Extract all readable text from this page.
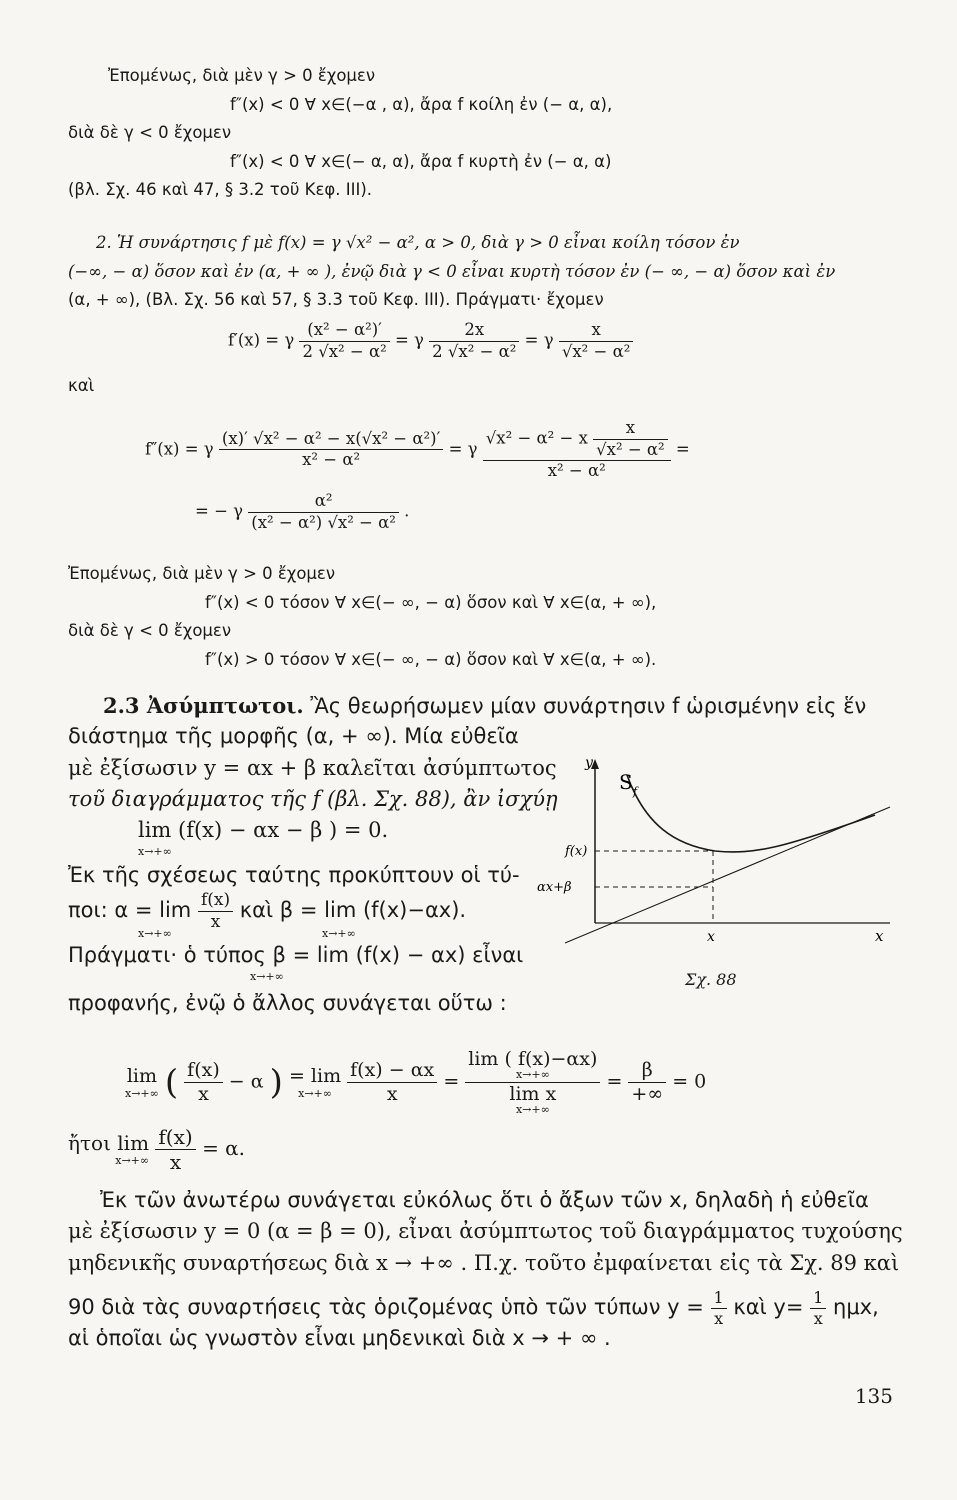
Ἐπομένως, διὰ μὲν γ > 0 ἔχομεν
f″(x) < 0 ∀ x∈(−α , α), ἄρα f κοίλη ἐν (− α, α),
διὰ δὲ γ < 0 ἔχομεν
f″(x) < 0 ∀ x∈(− α, α), ἄρα f κυρτὴ ἐν (− α, α)
(βλ. Σχ. 46 καὶ 47, § 3.2 τοῦ Κεφ. ΙΙΙ).
2. Ἡ συνάρτησις f μὲ f(x) = γ √x² − α², α > 0, διὰ γ > 0 εἶναι κοίλη τόσον ἐν
(−∞, − α) ὅσον καὶ ἐν (α, + ∞ ), ἐνῷ διὰ γ < 0 εἶναι κυρτὴ τόσον ἐν (− ∞, − α) ὅσον καὶ ἐν
(α, + ∞), (Βλ. Σχ. 56 καὶ 57, § 3.3 τοῦ Κεφ. ΙΙΙ). Πράγματι· ἔχομεν
f′(x) = γ $\frac{\text{(x² − α²)′}}{\text{2 √x² − α²}} = \gamma \frac{2x}{\text{2 √x² − α²}} = \gamma \frac{x}{\text{√x² − α²}}$
καὶ
f″(x) = γ $\frac{\text{(x)′ √x² − α² − x(√x² − α²)′}}{\text{x² − α²}} = \gamma \frac{√x^2 - \alpha^2 - x \frac{x}{\text{√x² − α²}}}{\text{x² − α²}}$ =
= − γ $\frac{\text{α²}}{\text{(x² − α²) √x² − α²}}$ .
Ἐπομένως, διὰ μὲν γ > 0 ἔχομεν
f″(x) < 0 τόσον ∀ x∈(− ∞, − α) ὅσον καὶ ∀ x∈(α, + ∞),
διὰ δὲ γ < 0 ἔχομεν
f″(x) > 0 τόσον ∀ x∈(− ∞, − α) ὅσον καὶ ∀ x∈(α, + ∞).
2.3 Ἀσύμπτωτοι. Ἂς θεωρήσωμεν μίαν συνάρτησιν f ὡρισμένην εἰς ἕν
διάστημα τῆς μορφῆς (α, + ∞). Μία εὐθεῖα
μὲ ἐξίσωσιν y = αx + β καλεῖται ἀσύμπτωτος
τοῦ διαγράμματος τῆς f (βλ. Σχ. 88), ἂν ἰσχύῃ
lim (f(x) − αx − β ) = 0.
x→+∞
Ἐκ τῆς σχέσεως ταύτης προκύπτουν οἱ τύ-
ποι: $\alpha = \lim \frac{f(x)}{x}$ καὶ β = lim (f(x)−αx).
x→+∞	x→+∞
Πράγματι· ὁ τύπος β = lim (f(x) − αx) εἶναι
x→+∞
προφανής, ἐνῷ ὁ ἄλλος συνάγεται οὕτω :
y
S f
f(x)
αx+β
x	x
Σχ. 88
lim
x→+∞ ( $\frac{f(x)}{x} - \alpha$ ) = lim
x→+∞
$\frac{f(x) - \alpha x}{x} = \lim$ ( f(x)−αx)
x→+∞
lim x
$x\to+\infty = \frac{\beta}{+\infty} = 0$
ἤτοι lim
x→+∞
$\frac{f(x)}{x} = \alpha$.
Ἐκ τῶν ἀνωτέρω συνάγεται εὐκόλως ὅτι ὁ ἄξων τῶν x, δηλαδὴ ἡ εὐθεῖα
μὲ ἐξίσωσιν y = 0 (α = β = 0), εἶναι ἀσύμπτωτος τοῦ διαγράμματος τυχούσης
μηδενικῆς συναρτήσεως διὰ x → +∞ . Π.χ. τοῦτο ἐμφαίνεται εἰς τὰ Σχ. 89 καὶ
90 διὰ τὰς συναρτήσεις τὰς ὁριζομένας ὑπὸ τῶν τύπων $y = \frac{1}{x}$ καὶ $y= \frac{1}{x} \eta\mu x$,
αἱ ὁποῖαι ὡς γνωστὸν εἶναι μηδενικαὶ διὰ x → + ∞ .
135
